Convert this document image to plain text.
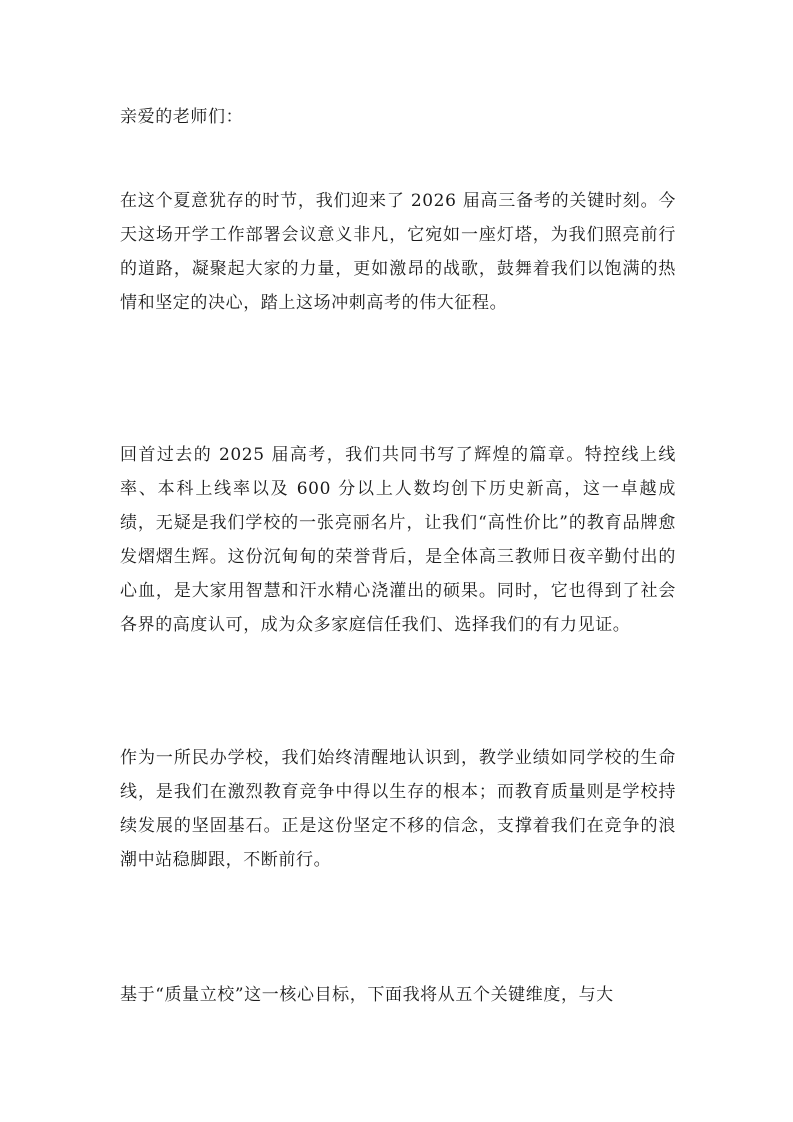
亲爱的老师们：

在这个夏意犹存的时节，我们迎来了 2026 届高三备考的关键时刻。今天这场开学工作部署会议意义非凡，它宛如一座灯塔，为我们照亮前行的道路，凝聚起大家的力量，更如激昂的战歌，鼓舞着我们以饱满的热情和坚定的决心，踏上这场冲刺高考的伟大征程。

回首过去的 2025 届高考，我们共同书写了辉煌的篇章。特控线上线率、本科上线率以及 600 分以上人数均创下历史新高，这一卓越成绩，无疑是我们学校的一张亮丽名片，让我们“高性价比”的教育品牌愈发熠熠生辉。这份沉甸甸的荣誉背后，是全体高三教师日夜辛勤付出的心血，是大家用智慧和汗水精心浇灌出的硕果。同时，它也得到了社会各界的高度认可，成为众多家庭信任我们、选择我们的有力见证。

作为一所民办学校，我们始终清醒地认识到，教学业绩如同学校的生命线，是我们在激烈教育竞争中得以生存的根本；而教育质量则是学校持续发展的坚固基石。正是这份坚定不移的信念，支撑着我们在竞争的浪潮中站稳脚跟，不断前行。

基于“质量立校”这一核心目标，下面我将从五个关键维度，与大
